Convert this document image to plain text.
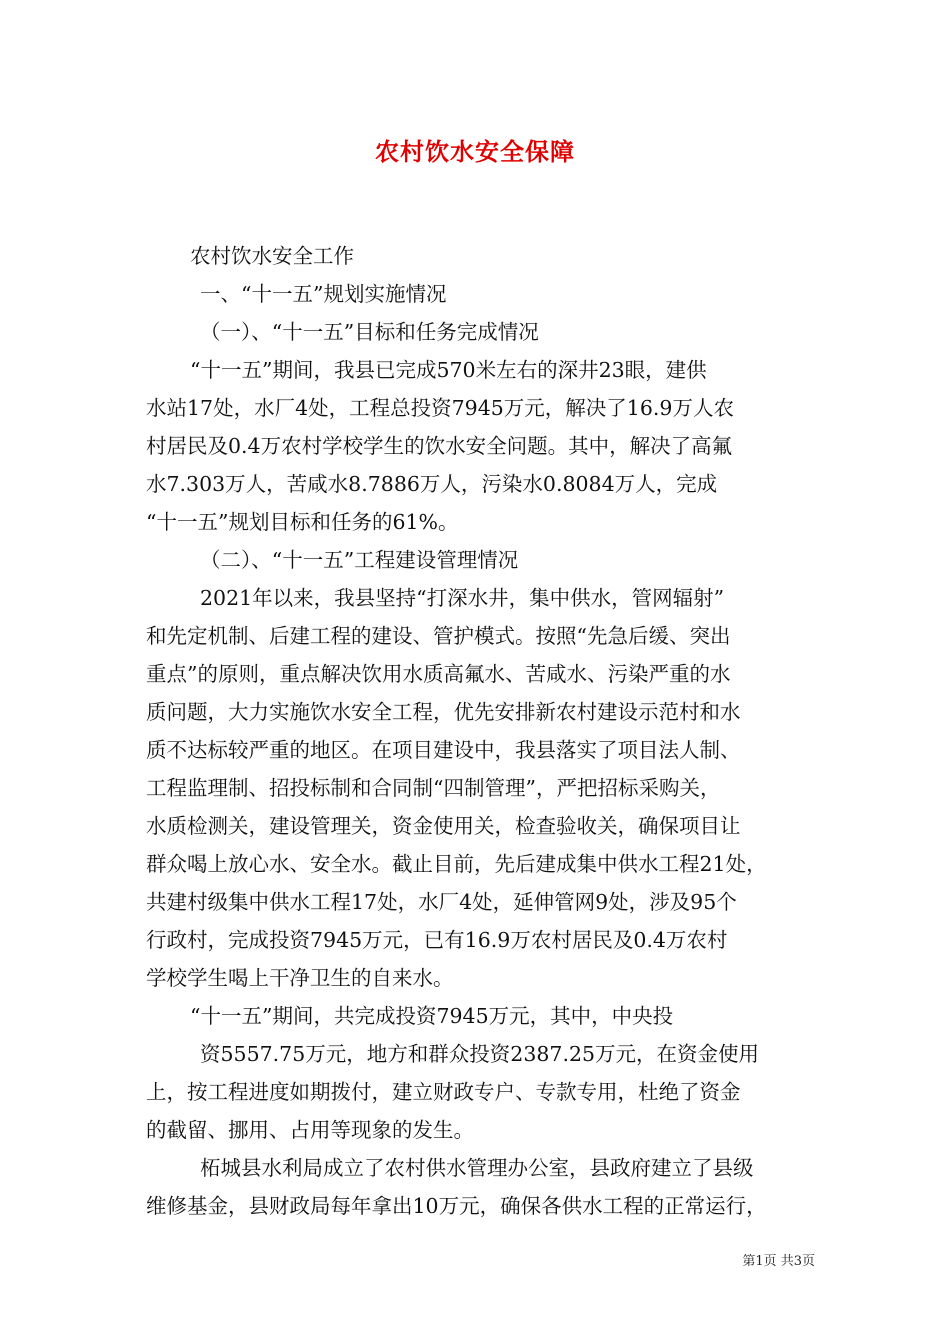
农村饮水安全保障
农村饮水安全工作
一、“十一五”规划实施情况
（一）、“十一五”目标和任务完成情况
“十一五”期间，我县已完成570米左右的深井23眼，建供
水站17处，水厂4处，工程总投资7945万元，解决了16.9万人农
村居民及0.4万农村学校学生的饮水安全问题。其中，解决了高氟
水7.303万人，苦咸水8.7886万人，污染水0.8084万人，完成
“十一五”规划目标和任务的61%。
（二）、“十一五”工程建设管理情况
2021年以来，我县坚持“打深水井，集中供水，管网辐射”
和先定机制、后建工程的建设、管护模式。按照“先急后缓、突出
重点”的原则，重点解决饮用水质高氟水、苦咸水、污染严重的水
质问题，大力实施饮水安全工程，优先安排新农村建设示范村和水
质不达标较严重的地区。在项目建设中，我县落实了项目法人制、
工程监理制、招投标制和合同制“四制管理”，严把招标采购关，
水质检测关，建设管理关，资金使用关，检查验收关，确保项目让
群众喝上放心水、安全水。截止目前，先后建成集中供水工程21处，
共建村级集中供水工程17处，水厂4处，延伸管网9处，涉及95个
行政村，完成投资7945万元，已有16.9万农村居民及0.4万农村
学校学生喝上干净卫生的自来水。
“十一五”期间，共完成投资7945万元，其中，中央投
资5557.75万元，地方和群众投资2387.25万元，在资金使用
上，按工程进度如期拨付，建立财政专户、专款专用，杜绝了资金
的截留、挪用、占用等现象的发生。
柘城县水利局成立了农村供水管理办公室，县政府建立了县级
维修基金，县财政局每年拿出10万元，确保各供水工程的正常运行，
第1页 共3页
